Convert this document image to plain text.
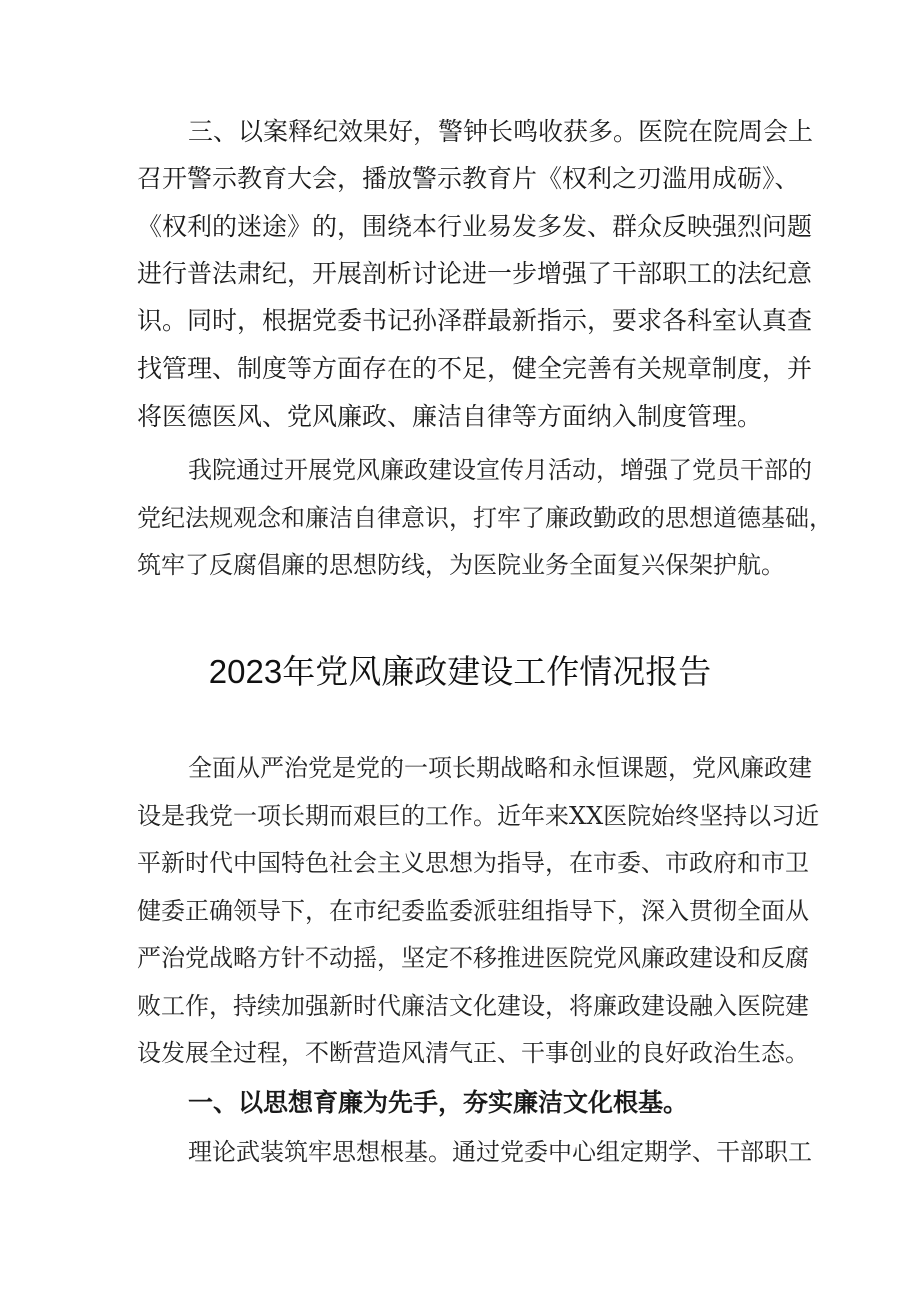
三、以案释纪效果好，警钟长鸣收获多。医院在院周会上
召开警示教育大会，播放警示教育片《权利之刃滥用成砺》、
《权利的迷途》的，围绕本行业易发多发、群众反映强烈问题
进行普法肃纪，开展剖析讨论进一步增强了干部职工的法纪意
识。同时，根据党委书记孙泽群最新指示，要求各科室认真查
找管理、制度等方面存在的不足，健全完善有关规章制度，并
将医德医风、党风廉政、廉洁自律等方面纳入制度管理。
我院通过开展党风廉政建设宣传月活动，增强了党员干部的
党纪法规观念和廉洁自律意识，打牢了廉政勤政的思想道德基础，
筑牢了反腐倡廉的思想防线，为医院业务全面复兴保架护航。
2023年党风廉政建设工作情况报告
全面从严治党是党的一项长期战略和永恒课题，党风廉政建
设是我党一项长期而艰巨的工作。近年来XX医院始终坚持以习近
平新时代中国特色社会主义思想为指导，在市委、市政府和市卫
健委正确领导下，在市纪委监委派驻组指导下，深入贯彻全面从
严治党战略方针不动摇，坚定不移推进医院党风廉政建设和反腐
败工作，持续加强新时代廉洁文化建设，将廉政建设融入医院建
设发展全过程，不断营造风清气正、干事创业的良好政治生态。
一、以思想育廉为先手，夯实廉洁文化根基。
理论武装筑牢思想根基。通过党委中心组定期学、干部职工
